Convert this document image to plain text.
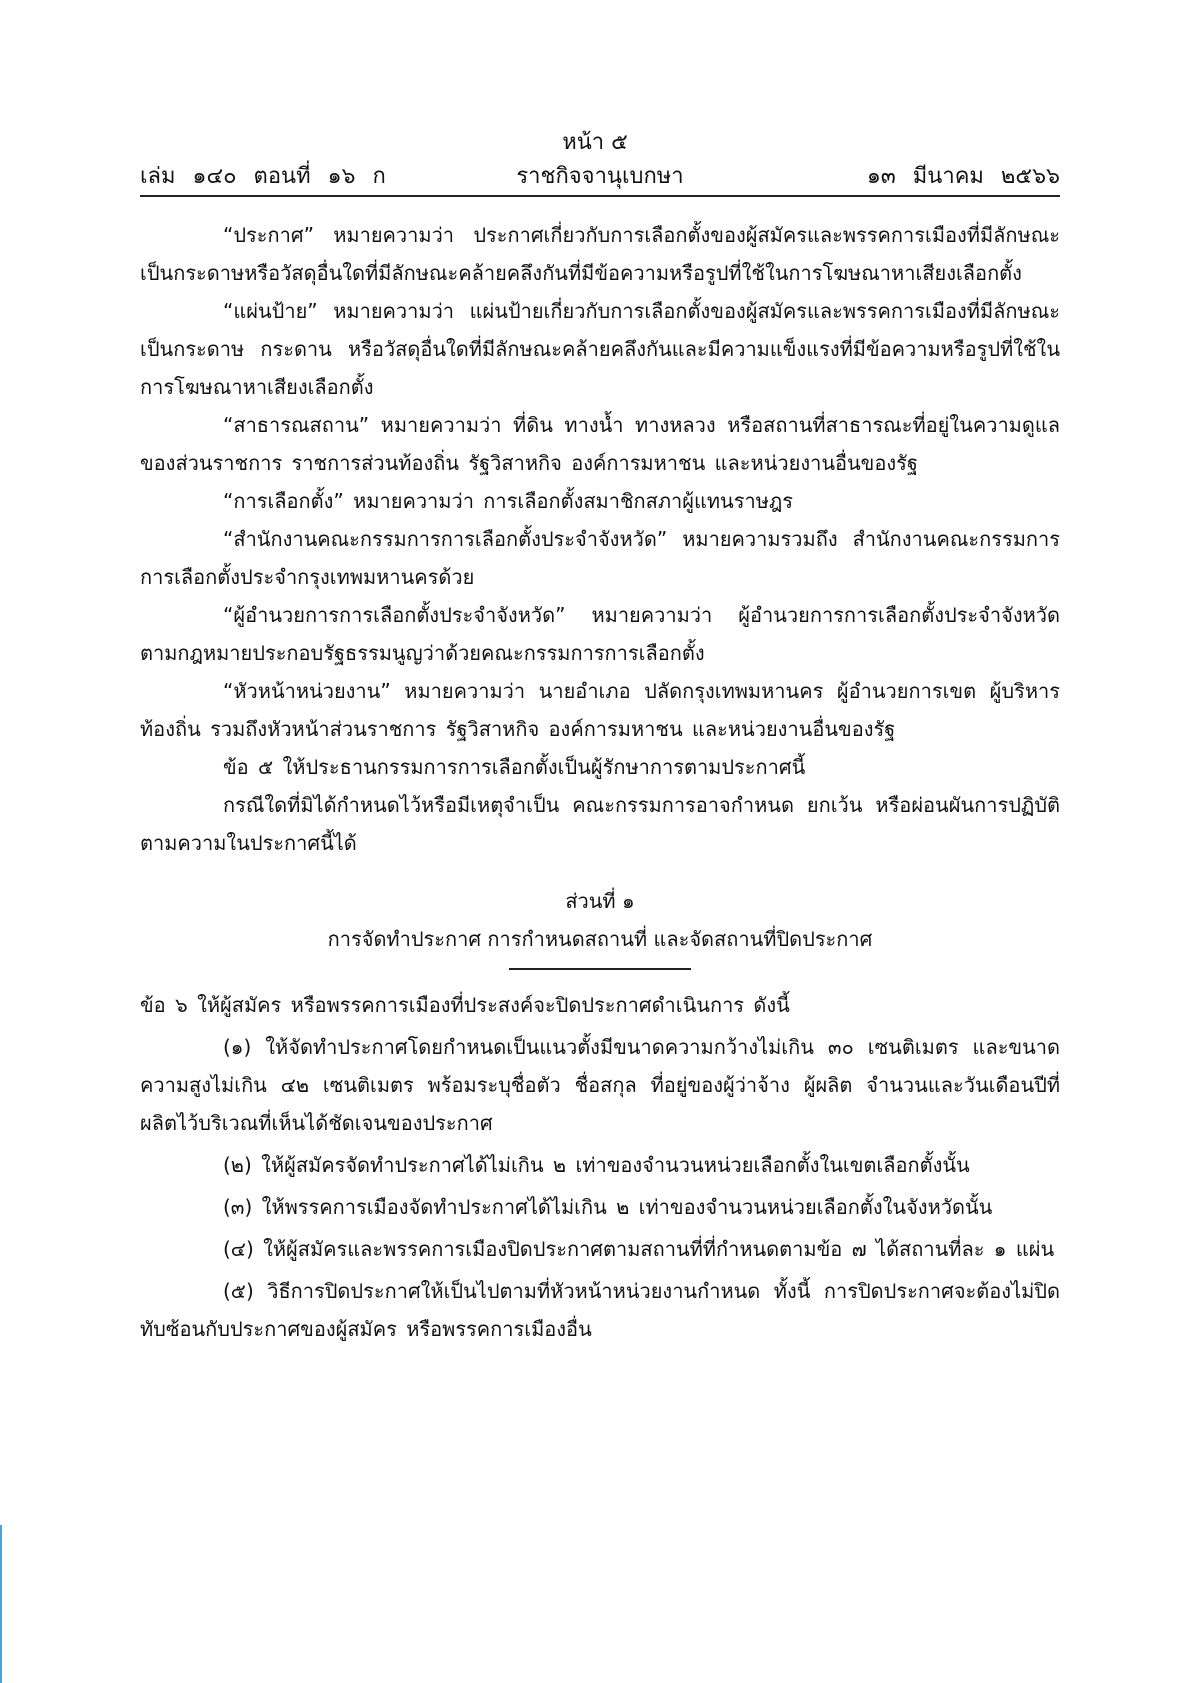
หน้า ๕
เล่ม ๑๔๐ ตอนที่ ๑๖ ก	ราชกิจจานุเบกษา	๑๓ มีนาคม ๒๕๖๖

“ประกาศ” หมายความว่า ประกาศเกี่ยวกับการเลือกตั้งของผู้สมัครและพรรคการเมืองที่มีลักษณะเป็นกระดาษหรือวัสดุอื่นใดที่มีลักษณะคล้ายคลึงกันที่มีข้อความหรือรูปที่ใช้ในการโฆษณาหาเสียงเลือกตั้ง

“แผ่นป้าย” หมายความว่า แผ่นป้ายเกี่ยวกับการเลือกตั้งของผู้สมัครและพรรคการเมืองที่มีลักษณะเป็นกระดาษ กระดาน หรือวัสดุอื่นใดที่มีลักษณะคล้ายคลึงกันและมีความแข็งแรงที่มีข้อความหรือรูปที่ใช้ในการโฆษณาหาเสียงเลือกตั้ง

“สาธารณสถาน” หมายความว่า ที่ดิน ทางน้ำ ทางหลวง หรือสถานที่สาธารณะที่อยู่ในความดูแลของส่วนราชการ ราชการส่วนท้องถิ่น รัฐวิสาหกิจ องค์การมหาชน และหน่วยงานอื่นของรัฐ

“การเลือกตั้ง” หมายความว่า การเลือกตั้งสมาชิกสภาผู้แทนราษฎร

“สำนักงานคณะกรรมการการเลือกตั้งประจำจังหวัด” หมายความรวมถึง สำนักงานคณะกรรมการการเลือกตั้งประจำกรุงเทพมหานครด้วย

“ผู้อำนวยการการเลือกตั้งประจำจังหวัด” หมายความว่า ผู้อำนวยการการเลือกตั้งประจำจังหวัดตามกฎหมายประกอบรัฐธรรมนูญว่าด้วยคณะกรรมการการเลือกตั้ง

“หัวหน้าหน่วยงาน” หมายความว่า นายอำเภอ ปลัดกรุงเทพมหานคร ผู้อำนวยการเขต ผู้บริหารท้องถิ่น รวมถึงหัวหน้าส่วนราชการ รัฐวิสาหกิจ องค์การมหาชน และหน่วยงานอื่นของรัฐ

ข้อ ๕ ให้ประธานกรรมการการเลือกตั้งเป็นผู้รักษาการตามประกาศนี้

กรณีใดที่มิได้กำหนดไว้หรือมีเหตุจำเป็น คณะกรรมการอาจกำหนด ยกเว้น หรือผ่อนผันการปฏิบัติตามความในประกาศนี้ได้

ส่วนที่ ๑

การจัดทำประกาศ การกำหนดสถานที่ และจัดสถานที่ปิดประกาศ

ข้อ ๖ ให้ผู้สมัคร หรือพรรคการเมืองที่ประสงค์จะปิดประกาศดำเนินการ ดังนี้

(๑) ให้จัดทำประกาศโดยกำหนดเป็นแนวตั้งมีขนาดความกว้างไม่เกิน ๓๐ เซนติเมตร และขนาดความสูงไม่เกิน ๔๒ เซนติเมตร พร้อมระบุชื่อตัว ชื่อสกุล ที่อยู่ของผู้ว่าจ้าง ผู้ผลิต จำนวนและวันเดือนปีที่ผลิตไว้บริเวณที่เห็นได้ชัดเจนของประกาศ

(๒) ให้ผู้สมัครจัดทำประกาศได้ไม่เกิน ๒ เท่าของจำนวนหน่วยเลือกตั้งในเขตเลือกตั้งนั้น

(๓) ให้พรรคการเมืองจัดทำประกาศได้ไม่เกิน ๒ เท่าของจำนวนหน่วยเลือกตั้งในจังหวัดนั้น

(๔) ให้ผู้สมัครและพรรคการเมืองปิดประกาศตามสถานที่ที่กำหนดตามข้อ ๗ ได้สถานที่ละ ๑ แผ่น

(๕) วิธีการปิดประกาศให้เป็นไปตามที่หัวหน้าหน่วยงานกำหนด ทั้งนี้ การปิดประกาศจะต้องไม่ปิดทับซ้อนกับประกาศของผู้สมัคร หรือพรรคการเมืองอื่น
